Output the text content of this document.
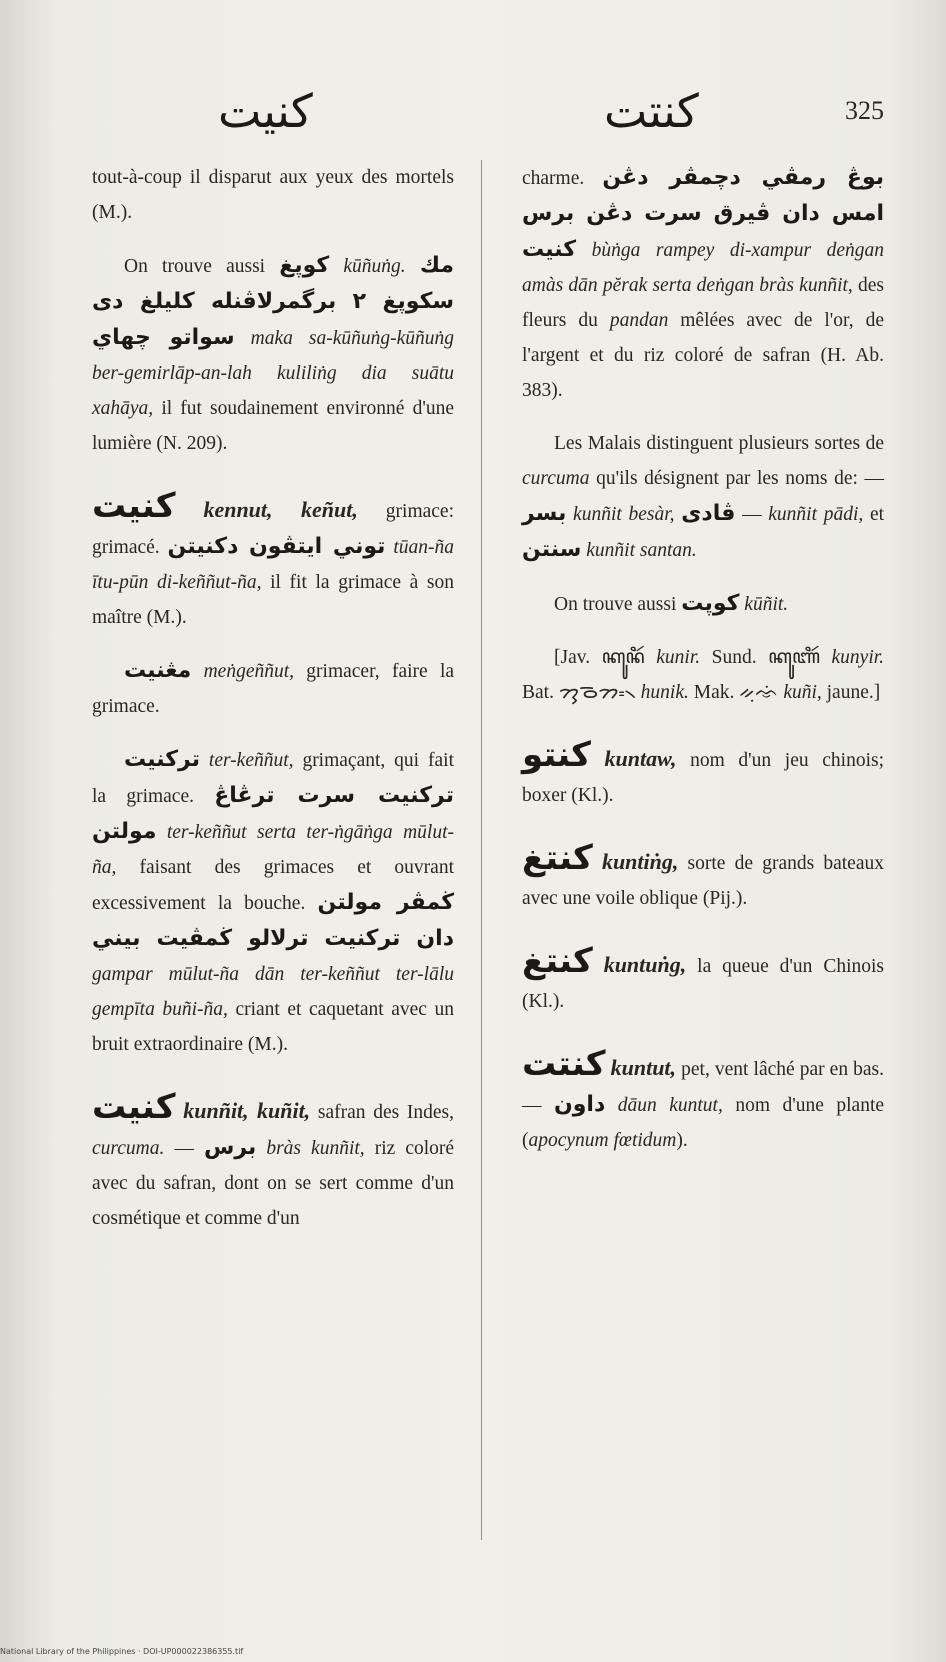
كنيت	كنتت	325

tout-à-coup il disparut aux yeux des mortels (M.).

On trouve aussi کوپغ kūñuṅg. مك سكوپغ ٢ برگمرلاڤنله كليلغ دى سواتو چهاي maka sa-kūñuṅg-kūñuṅg ber-gemirlāp-an-lah kuliliṅg dia suātu xahāya, il fut soudainement environné d'une lumière (N. 209).

كنيت kennut, keñut, grimace: grimacé. توني ايتڤون دكنيتن tūan-ña ītu-pūn di-keññut-ña, il fit la grimace à son maître (M.).

مڠنيت meṅgeññut, grimacer, faire la grimace.

تركنيت ter-keññut, grimaçant, qui fait la grimace. تركنيت سرت ترڠاڠ مولتن ter-keññut serta ter-ṅgāṅga mūlut-ña, faisant des grimaces et ouvrant excessivement la bouche. ڬمڤر مولتن دان تركنيت ترلالو ڬمڤيت بيني gampar mūlut-ña dān ter-keññut ter-lālu gempīta buñi-ña, criant et caquetant avec un bruit extraordinaire (M.).

كنيت kunñit, kuñit, safran des Indes, curcuma. — برس bràs kunñit, riz coloré avec du safran, dont on se sert comme d'un cosmétique et comme d'un

charme. بوڠ رمڤي دچمڤر دڠن امس دان ڤيرق سرت دڠن برس كنيت bùṅga rampey di-xampur deṅgan amàs dān pĕrak serta deṅgan bràs kunñit, des fleurs du pandan mêlées avec de l'or, de l'argent et du riz coloré de safran (H. Ab. 383).

Les Malais distinguent plusieurs sortes de curcuma qu'ils désignent par les noms de: — بسر kunñit besàr, ڤادى — kunñit pādi, et سنتن kunñit santan.

On trouve aussi كوپت kūñit.

[Jav. ꦏꦸꦤꦶꦂ kunir. Sund. ꦏꦸꦚꦶꦂ kunyir. Bat. ᯂᯮᯉᯫᯂ᯲ hunik. Mak. ᨀᨘᨎᨗ kuñi, jaune.]

كنتو kuntaw, nom d'un jeu chinois; boxer (Kl.).

كنتغ kuntiṅg, sorte de grands bateaux avec une voile oblique (Pij.).

كنتغ kuntuṅg, la queue d'un Chinois (Kl.).

كنتت kuntut, pet, vent lâché par en bas. — داون dāun kuntut, nom d'une plante (apocynum fœtidum).

National Library of the Philippines · DOI-UP000022386355.tif
